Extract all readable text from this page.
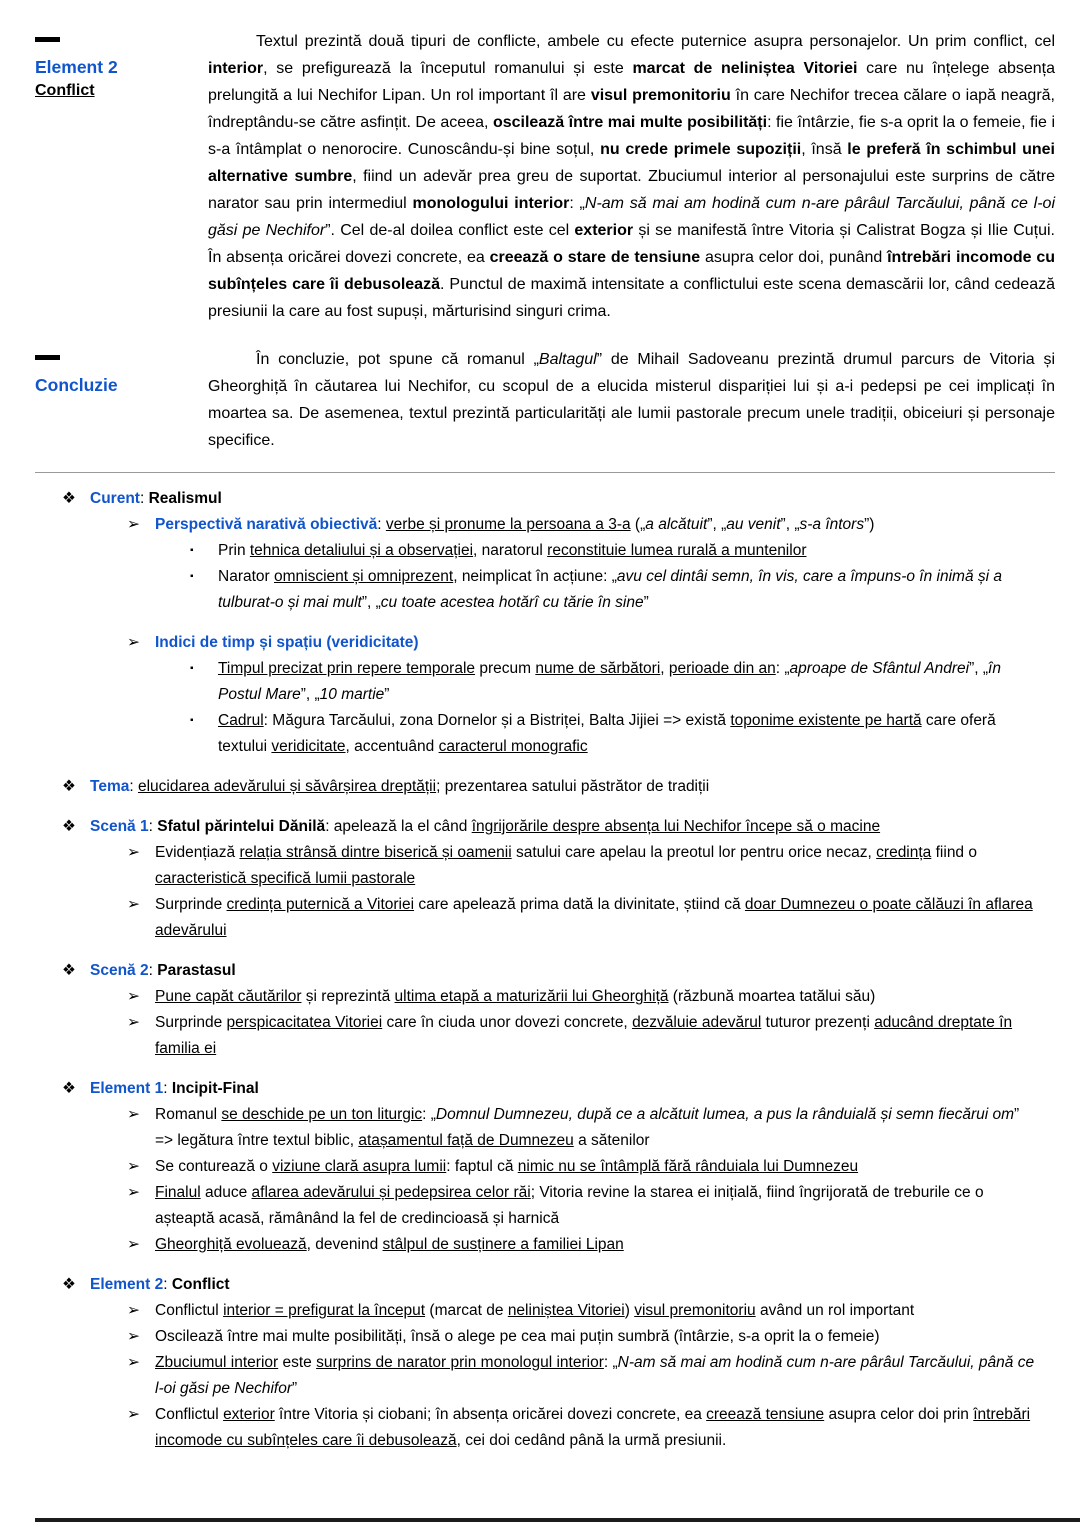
Element 2
Conflict

Textul prezintă două tipuri de conflicte, ambele cu efecte puternice asupra personajelor. Un prim conflict, cel interior, se prefigurează la începutul romanului și este marcat de neliniștea Vitoriei care nu înțelege absența prelungită a lui Nechifor Lipan. Un rol important îl are visul premonitoriu în care Nechifor trecea călare o iapă neagră, îndreptându-se către asfințit. De aceea, oscilează între mai multe posibilități: fie întârzie, fie s-a oprit la o femeie, fie i s-a întâmplat o nenorocire. Cunoscându-și bine soțul, nu crede primele supoziții, însă le preferă în schimbul unei alternative sumbre, fiind un adevăr prea greu de suportat. Zbuciumul interior al personajului este surprins de către narator sau prin intermediul monologului interior: „N-am să mai am hodină cum n-are pârâul Tarcăului, până ce l-oi găsi pe Nechifor”. Cel de-al doilea conflict este cel exterior și se manifestă între Vitoria și Calistrat Bogza și Ilie Cuțui. În absența oricărei dovezi concrete, ea creează o stare de tensiune asupra celor doi, punând întrebări incomode cu subînțeles care îi debusolează. Punctul de maximă intensitate a conflictului este scena demascării lor, când cedează presiunii la care au fost supuși, mărturisind singuri crima.

Concluzie

În concluzie, pot spune că romanul „Baltagul” de Mihail Sadoveanu prezintă drumul parcurs de Vitoria și Gheorghiță în căutarea lui Nechifor, cu scopul de a elucida misterul dispariției lui și a-i pedepsi pe cei implicați în moartea sa. De asemenea, textul prezintă particularități ale lumii pastorale precum unele tradiții, obiceiuri și personaje specifice.

❖ Curent: Realismul
➢ Perspectivă narativă obiectivă: verbe și pronume la persoana a 3-a („a alcătuit”, „au venit”, „s-a întors”)
▪	Prin tehnica detaliului și a observației, naratorul reconstituie lumea rurală a muntenilor
▪	Narator omniscient și omniprezent, neimplicat în acțiune: „avu cel dintâi semn, în vis, care a împuns-o în inimă și a tulburat-o și mai mult”, „cu toate acestea hotărî cu tărie în sine”
➢ Indici de timp și spațiu (veridicitate)
▪	Timpul precizat prin repere temporale precum nume de sărbători, perioade din an: „aproape de Sfântul Andrei”, „în Postul Mare”, „10 martie”
▪	Cadrul: Măgura Tarcăului, zona Dornelor și a Bistriței, Balta Jijiei => există toponime existente pe hartă care oferă textului veridicitate, accentuând caracterul monografic
❖ Tema: elucidarea adevărului și săvârșirea dreptății; prezentarea satului păstrător de tradiții
❖ Scenă 1: Sfatul părintelui Dănilă: apelează la el când îngrijorările despre absența lui Nechifor începe să o macine
➢ Evidențiază relația strânsă dintre biserică și oamenii satului care apelau la preotul lor pentru orice necaz, credința fiind o caracteristică specifică lumii pastorale
➢ Surprinde credința puternică a Vitoriei care apelează prima dată la divinitate, știind că doar Dumnezeu o poate călăuzi în aflarea adevărului
❖ Scenă 2: Parastasul
➢ Pune capăt căutărilor și reprezintă ultima etapă a maturizării lui Gheorghiță (răzbună moartea tatălui său)
➢ Surprinde perspicacitatea Vitoriei care în ciuda unor dovezi concrete, dezvăluie adevărul tuturor prezenți aducând dreptate în familia ei
❖ Element 1: Incipit-Final
➢ Romanul se deschide pe un ton liturgic: „Domnul Dumnezeu, după ce a alcătuit lumea, a pus la rânduială și semn fiecărui om” => legătura între textul biblic, atașamentul față de Dumnezeu a sătenilor
➢ Se conturează o viziune clară asupra lumii: faptul că nimic nu se întâmplă fără rânduiala lui Dumnezeu
➢ Finalul aduce aflarea adevărului și pedepsirea celor răi; Vitoria revine la starea ei inițială, fiind îngrijorată de treburile ce o așteaptă acasă, rămânând la fel de credincioasă și harnică
➢ Gheorghiță evoluează, devenind stâlpul de susținere a familiei Lipan
❖ Element 2: Conflict
➢ Conflictul interior = prefigurat la început (marcat de neliniștea Vitoriei) visul premonitoriu având un rol important
➢ Oscilează între mai multe posibilități, însă o alege pe cea mai puțin sumbră (întârzie, s-a oprit la o femeie)
➢ Zbuciumul interior este surprins de narator prin monologul interior: „N-am să mai am hodină cum n-are pârâul Tarcăului, până ce l-oi găsi pe Nechifor”
➢ Conflictul exterior între Vitoria și ciobani; în absența oricărei dovezi concrete, ea creează tensiune asupra celor doi prin întrebări incomode cu subînțeles care îi debusolează, cei doi cedând până la urmă presiunii.
